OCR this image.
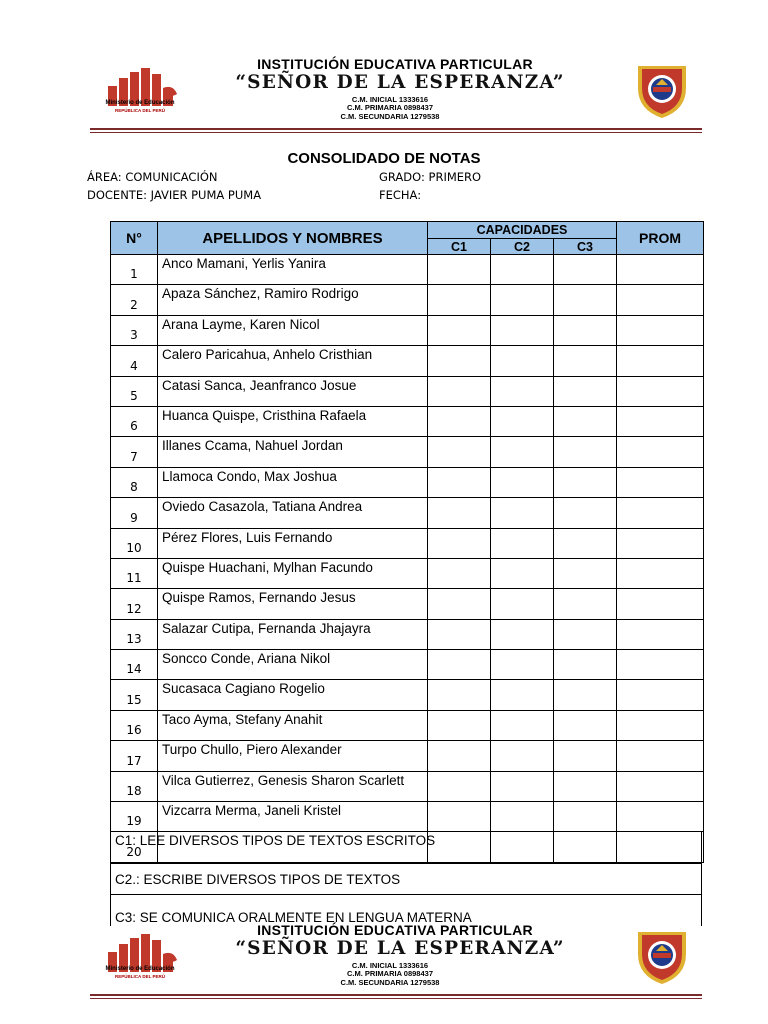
Ministerio de Educación
REPÚBLICA DEL PERÚ
INSTITUCIÓN EDUCATIVA PARTICULAR
“SEÑOR DE LA ESPERANZA”
C.M. INICIAL 1333616
C.M. PRIMARIA 0898437
C.M. SECUNDARIA 1279538
CONSOLIDADO DE NOTAS
ÁREA: COMUNICACIÓN	GRADO: PRIMERO
DOCENTE: JAVIER PUMA PUMA	FECHA:
N°	APELLIDOS Y NOMBRES	CAPACIDADES			PROM
		C1	C2	C3	
1	Anco Mamani, Yerlis Yanira				
2	Apaza Sánchez, Ramiro Rodrigo				
3	Arana Layme, Karen Nicol				
4	Calero Paricahua, Anhelo Cristhian				
5	Catasi Sanca, Jeanfranco Josue				
6	Huanca Quispe, Cristhina Rafaela				
7	Illanes Ccama, Nahuel Jordan				
8	Llamoca Condo, Max Joshua				
9	Oviedo Casazola, Tatiana Andrea				
10	Pérez Flores, Luis Fernando				
11	Quispe Huachani, Mylhan Facundo				
12	Quispe Ramos, Fernando Jesus				
13	Salazar Cutipa, Fernanda Jhajayra				
14	Soncco Conde, Ariana Nikol				
15	Sucasaca Cagiano Rogelio				
16	Taco Ayma, Stefany Anahit				
17	Turpo Chullo, Piero Alexander				
18	Vilca Gutierrez, Genesis Sharon Scarlett				
19	Vizcarra Merma, Janeli Kristel				
20					
C1: LEE DIVERSOS TIPOS DE TEXTOS ESCRITOS
C2.: ESCRIBE DIVERSOS TIPOS DE TEXTOS
C3: SE COMUNICA ORALMENTE EN LENGUA MATERNA
Ministerio de Educación
REPÚBLICA DEL PERÚ
INSTITUCIÓN EDUCATIVA PARTICULAR
“SEÑOR DE LA ESPERANZA”
C.M. INICIAL 1333616
C.M. PRIMARIA 0898437
C.M. SECUNDARIA 1279538
